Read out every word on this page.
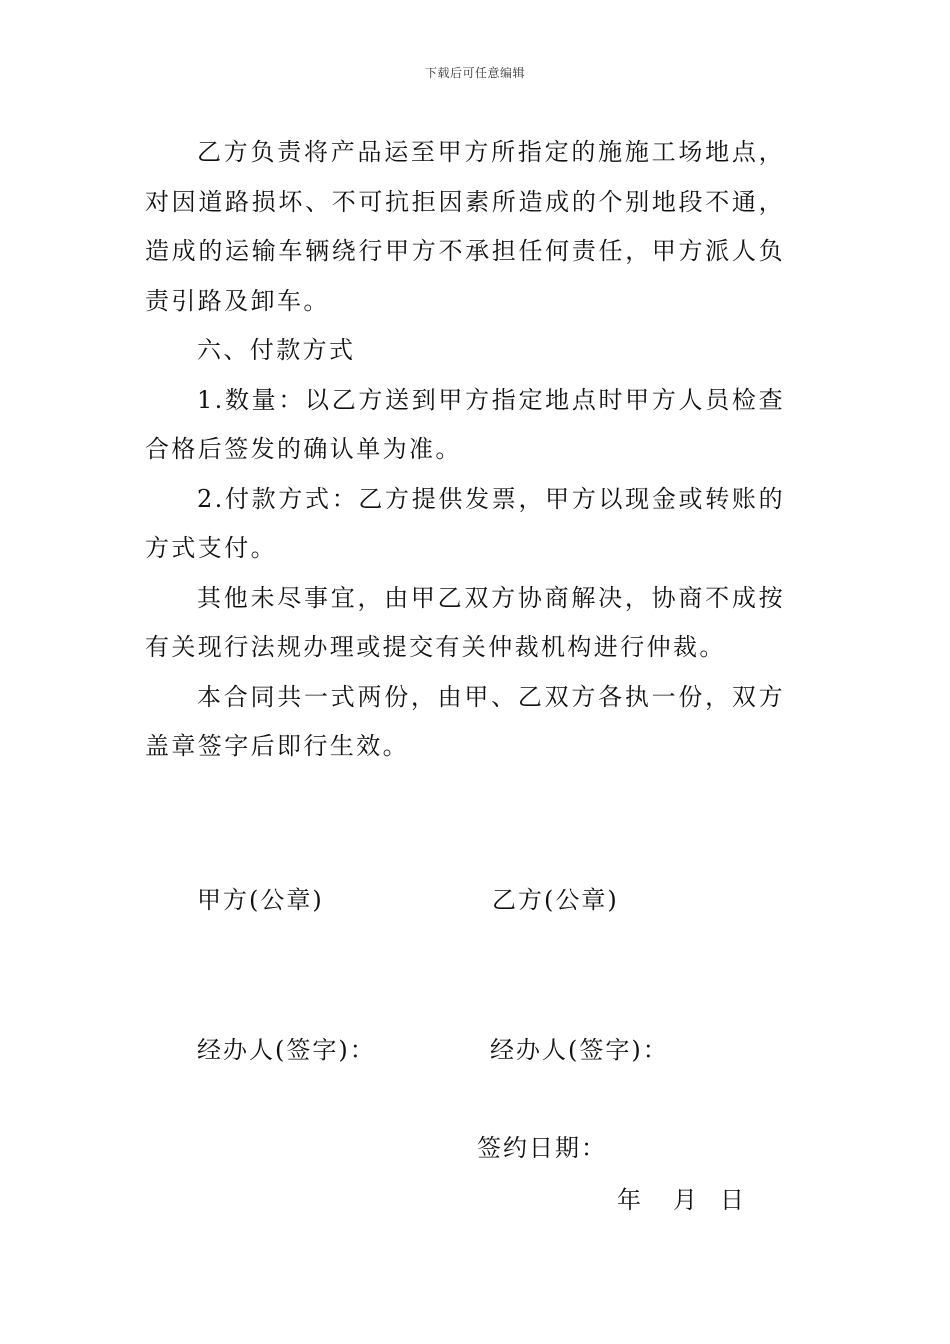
下载后可任意编辑

乙方负责将产品运至甲方所指定的施施工场地点，对因道路损坏、不可抗拒因素所造成的个别地段不通，造成的运输车辆绕行甲方不承担任何责任，甲方派人负责引路及卸车。

六、付款方式

1.数量：以乙方送到甲方指定地点时甲方人员检查合格后签发的确认单为准。

2.付款方式：乙方提供发票，甲方以现金或转账的方式支付。

其他未尽事宜，由甲乙双方协商解决，协商不成按有关现行法规办理或提交有关仲裁机构进行仲裁。

本合同共一式两份，由甲、乙双方各执一份，双方盖章签字后即行生效。

甲方(公章)	乙方(公章)
经办人(签字)：	经办人(签字)：
签约日期：
年 月 日
